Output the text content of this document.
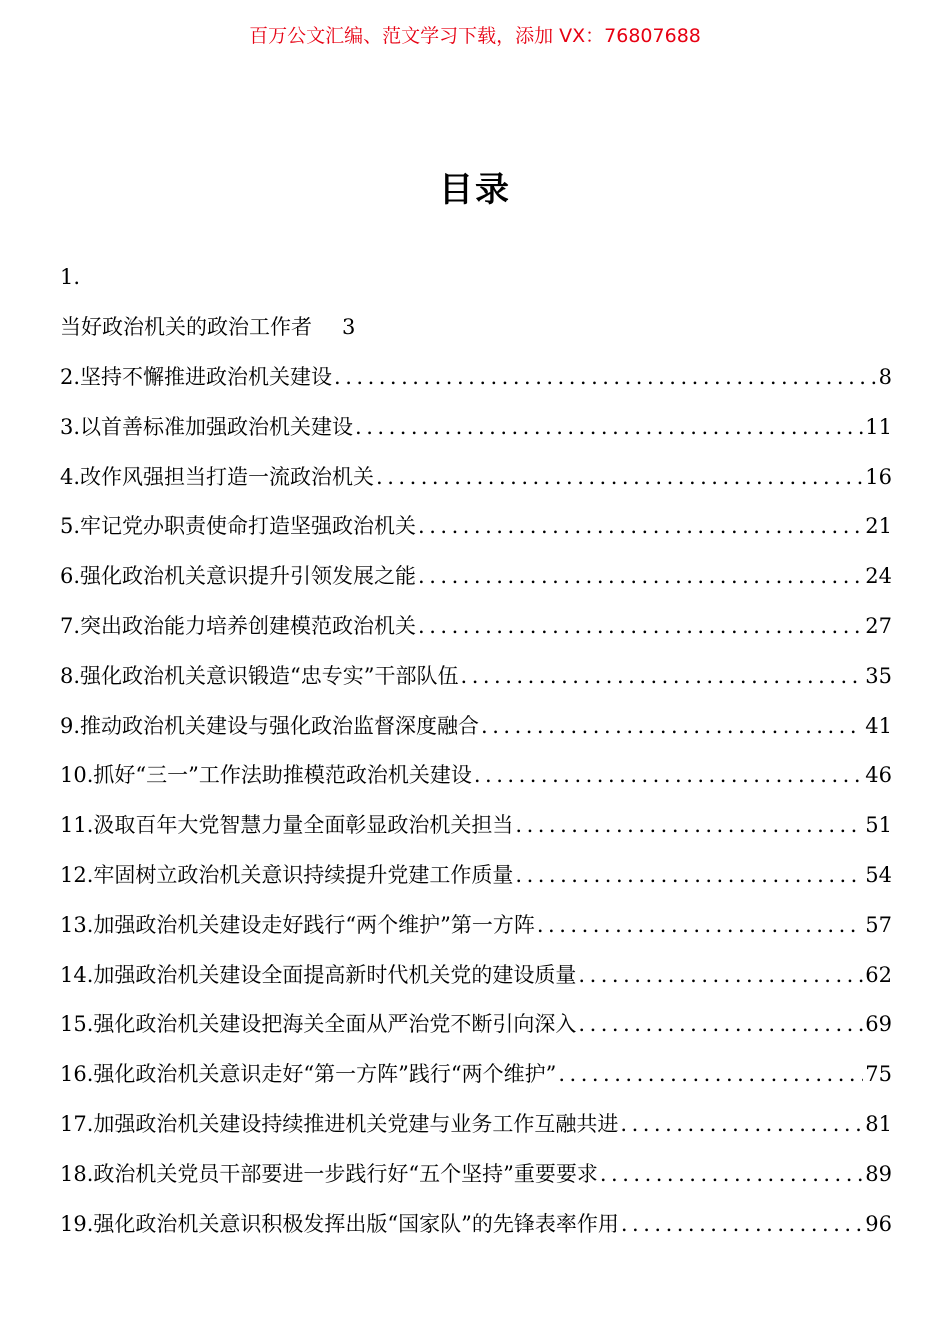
百万公文汇编、范文学习下载，添加 VX：76807688
目录
1.
当好政治机关的政治工作者 3
2.坚持不懈推进政治机关建设 .....	8
3.以首善标准加强政治机关建设 .....	11
4.改作风强担当打造一流政治机关 .....	16
5.牢记党办职责使命打造坚强政治机关 .....	21
6.强化政治机关意识提升引领发展之能 .....	24
7.突出政治能力培养创建模范政治机关 .....	27
8.强化政治机关意识锻造“忠专实”干部队伍 .....	35
9.推动政治机关建设与强化政治监督深度融合 .....	41
10.抓好“三一”工作法助推模范政治机关建设 .....	46
11.汲取百年大党智慧力量全面彰显政治机关担当 .....	51
12.牢固树立政治机关意识持续提升党建工作质量 .....	54
13.加强政治机关建设走好践行“两个维护”第一方阵 .....	57
14.加强政治机关建设全面提高新时代机关党的建设质量 .....	62
15.强化政治机关建设把海关全面从严治党不断引向深入 .....	69
16.强化政治机关意识走好“第一方阵”践行“两个维护” .....	75
17.加强政治机关建设持续推进机关党建与业务工作互融共进 .....	81
18.政治机关党员干部要进一步践行好“五个坚持”重要要求 .....	89
19.强化政治机关意识积极发挥出版“国家队”的先锋表率作用 .....	96
